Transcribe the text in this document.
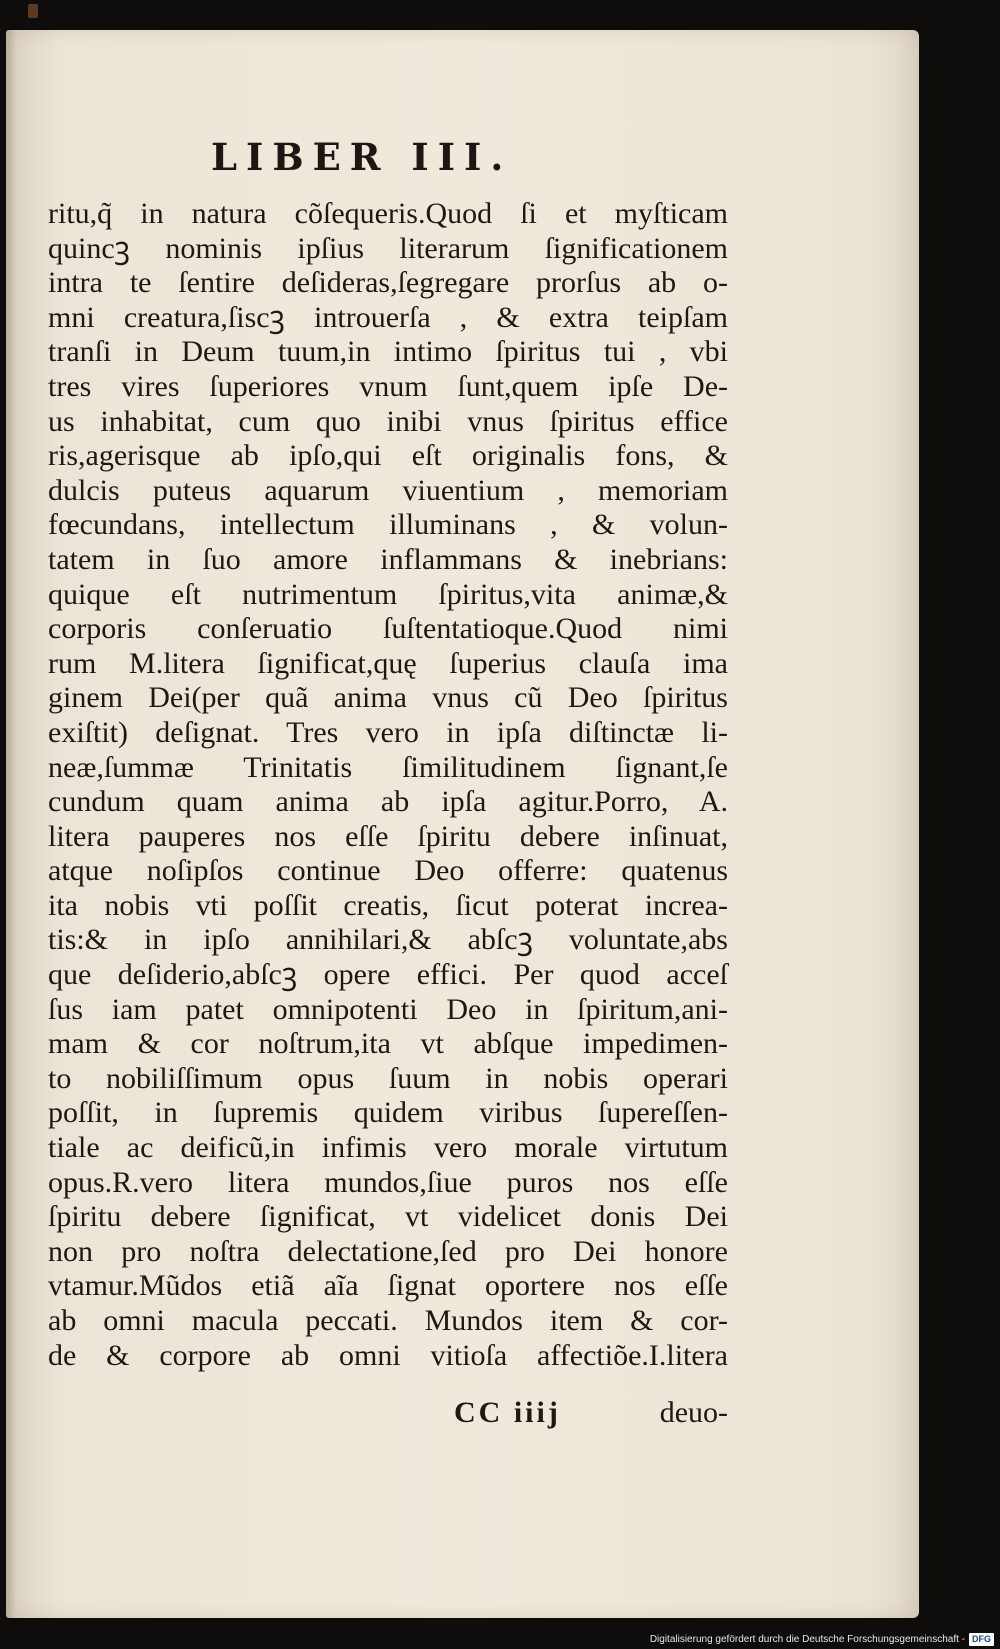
LIBER III.
ritu,q̃ in natura cõſequeris.Quod ſi et myſticam
quincꝫ nominis ipſius literarum ſignificationem
intra te ſentire deſideras,ſegregare prorſus ab o-
mni creatura,ſiscꝫ introuerſa , & extra teipſam
tranſi in Deum tuum,in intimo ſpiritus tui , vbi
tres vires ſuperiores vnum ſunt,quem ipſe De-
us inhabitat, cum quo inibi vnus ſpiritus effice
ris,agerisque ab ipſo,qui eſt originalis fons, &
dulcis puteus aquarum viuentium , memoriam
fœcundans, intellectum illuminans , & volun-
tatem in ſuo amore inflammans & inebrians:
quique eſt nutrimentum ſpiritus,vita animæ,&
corporis conſeruatio ſuſtentatioque.Quod nimi
rum M.litera ſignificat,quę ſuperius clauſa ima
ginem Dei(per quã anima vnus cũ Deo ſpiritus
exiſtit) deſignat. Tres vero in ipſa diſtinctæ li-
neæ,ſummæ Trinitatis ſimilitudinem ſignant,ſe
cundum quam anima ab ipſa agitur.Porro, A.
litera pauperes nos eſſe ſpiritu debere inſinuat,
atque noſipſos continue Deo offerre: quatenus
ita nobis vti poſſit creatis, ſicut poterat increa-
tis:& in ipſo annihilari,& abſcꝫ voluntate,abs
que deſiderio,abſcꝫ opere effici. Per quod acceſ
ſus iam patet omnipotenti Deo in ſpiritum,ani-
mam & cor noſtrum,ita vt abſque impedimen-
to nobiliſſimum opus ſuum in nobis operari
poſſit, in ſupremis quidem viribus ſupereſſen-
tiale ac deificũ,in infimis vero morale virtutum
opus.R.vero litera mundos,ſiue puros nos eſſe
ſpiritu debere ſignificat, vt videlicet donis Dei
non pro noſtra delectatione,ſed pro Dei honore
vtamur.Mũdos etiã aĩa ſignat oportere nos eſſe
ab omni macula peccati. Mundos item & cor-
de & corpore ab omni vitioſa affectiõe.I.litera
CC iiij	deuo-
Digitalisierung gefördert durch die Deutsche Forschungsgemeinschaft - DFG
